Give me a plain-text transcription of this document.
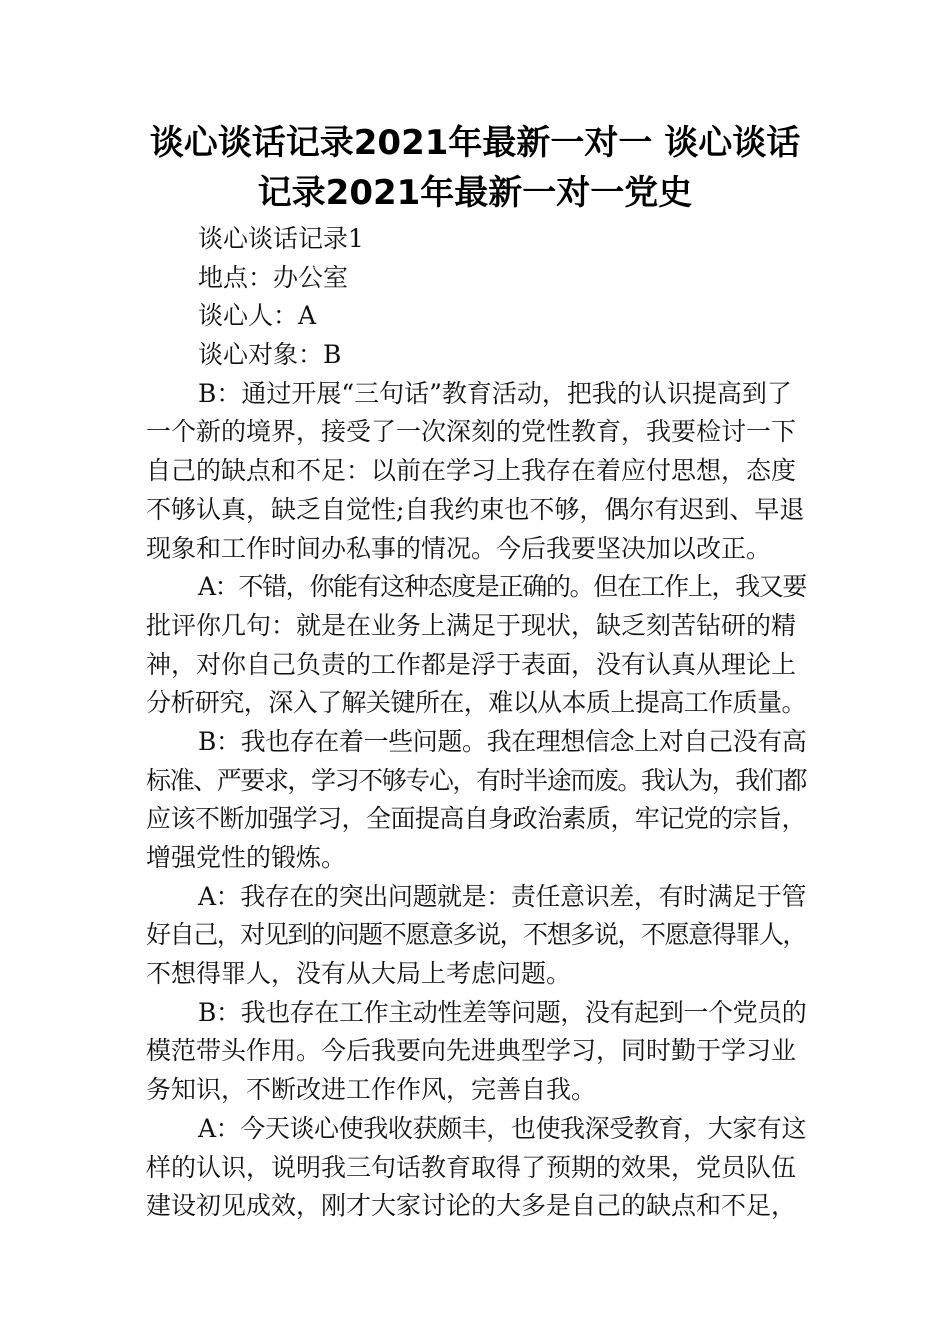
谈心谈话记录2021年最新一对一 谈心谈话
记录2021年最新一对一党史
谈心谈话记录1
地点：办公室
谈心人：A
谈心对象：B
B：通过开展“三句话”教育活动，把我的认识提高到了
一个新的境界，接受了一次深刻的党性教育，我要检讨一下
自己的缺点和不足：以前在学习上我存在着应付思想，态度
不够认真，缺乏自觉性;自我约束也不够，偶尔有迟到、早退
现象和工作时间办私事的情况。今后我要坚决加以改正。
A：不错，你能有这种态度是正确的。但在工作上，我又要
批评你几句：就是在业务上满足于现状，缺乏刻苦钻研的精
神，对你自己负责的工作都是浮于表面，没有认真从理论上
分析研究，深入了解关键所在，难以从本质上提高工作质量。
B：我也存在着一些问题。我在理想信念上对自己没有高
标准、严要求，学习不够专心，有时半途而废。我认为，我们都
应该不断加强学习，全面提高自身政治素质，牢记党的宗旨，
增强党性的锻炼。
A：我存在的突出问题就是：责任意识差，有时满足于管
好自己，对见到的问题不愿意多说，不想多说，不愿意得罪人，
不想得罪人，没有从大局上考虑问题。
B：我也存在工作主动性差等问题，没有起到一个党员的
模范带头作用。今后我要向先进典型学习，同时勤于学习业
务知识，不断改进工作作风，完善自我。
A：今天谈心使我收获颇丰，也使我深受教育，大家有这
样的认识，说明我三句话教育取得了预期的效果，党员队伍
建设初见成效，刚才大家讨论的大多是自己的缺点和不足，
